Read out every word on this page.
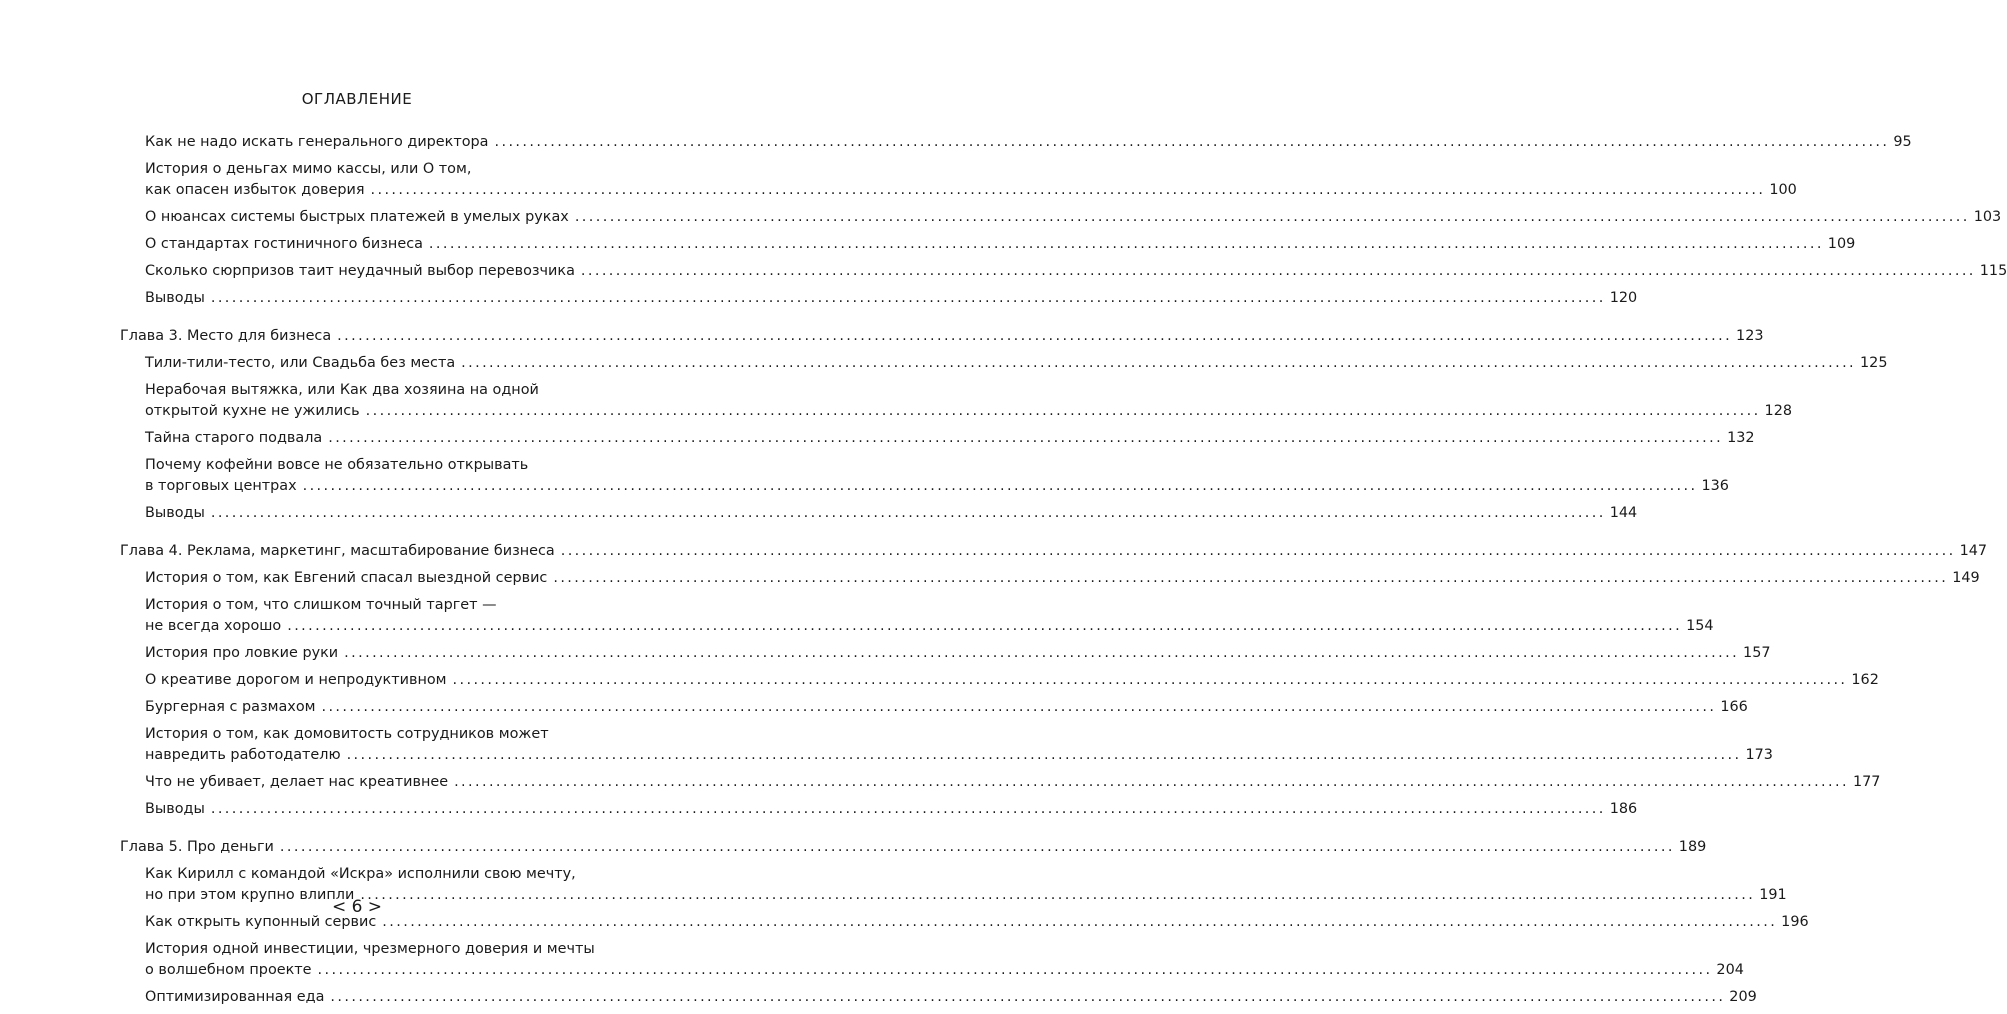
ОГЛАВЛЕНИЕ
Как не надо искать генерального директора ........................................................................................................................................................................................................ 95
История о деньгах мимо кассы, или О том,
как опасен избыток доверия ........................................................................................................................................................................................................ 100
О нюансах системы быстрых платежей в умелых руках ........................................................................................................................................................................................................ 103
О стандартах гостиничного бизнеса ........................................................................................................................................................................................................ 109
Сколько сюрпризов таит неудачный выбор перевозчика ........................................................................................................................................................................................................ 115
Выводы ........................................................................................................................................................................................................ 120
Глава 3. Место для бизнеса ........................................................................................................................................................................................................ 123
Тили-тили-тесто, или Свадьба без места ........................................................................................................................................................................................................ 125
Нерабочая вытяжка, или Как два хозяина на одной
открытой кухне не ужились ........................................................................................................................................................................................................ 128
Тайна старого подвала ........................................................................................................................................................................................................ 132
Почему кофейни вовсе не обязательно открывать
в торговых центрах ........................................................................................................................................................................................................ 136
Выводы ........................................................................................................................................................................................................ 144
Глава 4. Реклама, маркетинг, масштабирование бизнеса ........................................................................................................................................................................................................ 147
История о том, как Евгений спасал выездной сервис ........................................................................................................................................................................................................ 149
История о том, что слишком точный таргет —
не всегда хорошо ........................................................................................................................................................................................................ 154
История про ловкие руки ........................................................................................................................................................................................................ 157
О креативе дорогом и непродуктивном ........................................................................................................................................................................................................ 162
Бургерная с размахом ........................................................................................................................................................................................................ 166
История о том, как домовитость сотрудников может
навредить работодателю ........................................................................................................................................................................................................ 173
Что не убивает, делает нас креативнее ........................................................................................................................................................................................................ 177
Выводы ........................................................................................................................................................................................................ 186
Глава 5. Про деньги ........................................................................................................................................................................................................ 189
Как Кирилл с командой «Искра» исполнили свою мечту,
но при этом крупно влипли ........................................................................................................................................................................................................ 191
Как открыть купонный сервис ........................................................................................................................................................................................................ 196
История одной инвестиции, чрезмерного доверия и мечты
о волшебном проекте ........................................................................................................................................................................................................ 204
Оптимизированная еда ........................................................................................................................................................................................................ 209
< 6 >
